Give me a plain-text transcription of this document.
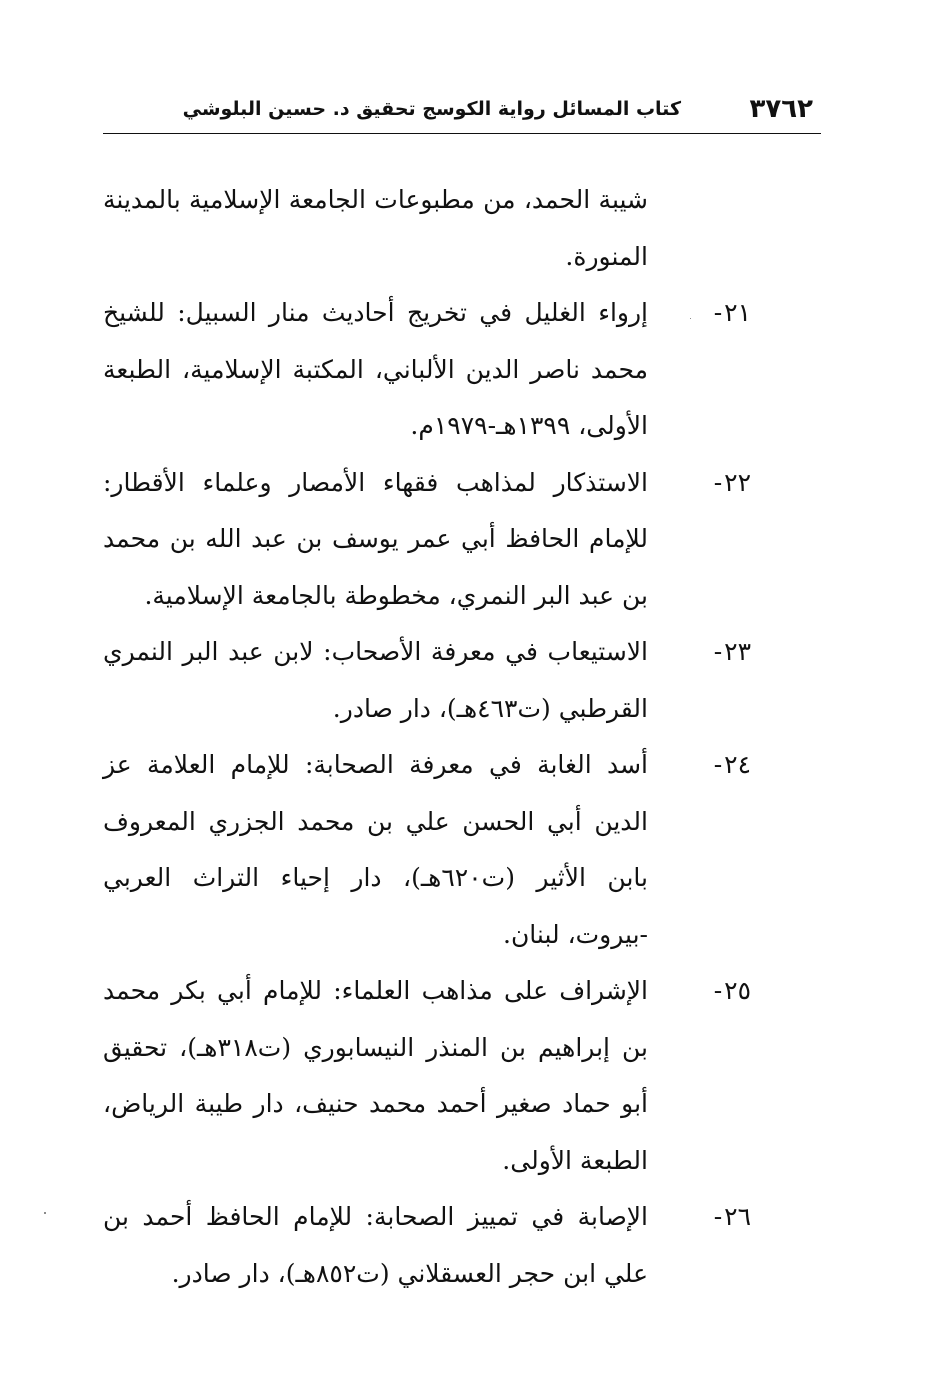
٣٧٦٢
كتاب المسائل رواية الكوسج تحقيق د. حسين البلوشي
شيبة الحمد، من مطبوعات الجامعة الإسلامية بالمدينة المنورة.
٢١-
إرواء الغليل في تخريج أحاديث منار السبيل: للشيخ محمد ناصر الدين الألباني، المكتبة الإسلامية، الطبعة الأولى، ١٣٩٩هـ-١٩٧٩م.
٢٢-
الاستذكار لمذاهب فقهاء الأمصار وعلماء الأقطار: للإمام الحافظ أبي عمر يوسف بن عبد الله بن محمد بن عبد البر النمري، مخطوطة بالجامعة الإسلامية.
٢٣-
الاستيعاب في معرفة الأصحاب: لابن عبد البر النمري القرطبي (ت٤٦٣هـ)، دار صادر.
٢٤-
أسد الغابة في معرفة الصحابة: للإمام العلامة عز الدين أبي الحسن علي بن محمد الجزري المعروف بابن الأثير (ت٦٢٠هـ)، دار إحياء التراث العربي -بيروت، لبنان.
٢٥-
الإشراف على مذاهب العلماء: للإمام أبي بكر محمد بن إبراهيم بن المنذر النيسابوري (ت٣١٨هـ)، تحقيق أبو حماد صغير أحمد محمد حنيف، دار طيبة الرياض، الطبعة الأولى.
٢٦-
الإصابة في تمييز الصحابة: للإمام الحافظ أحمد بن علي ابن حجر العسقلاني (ت٨٥٢هـ)، دار صادر.
